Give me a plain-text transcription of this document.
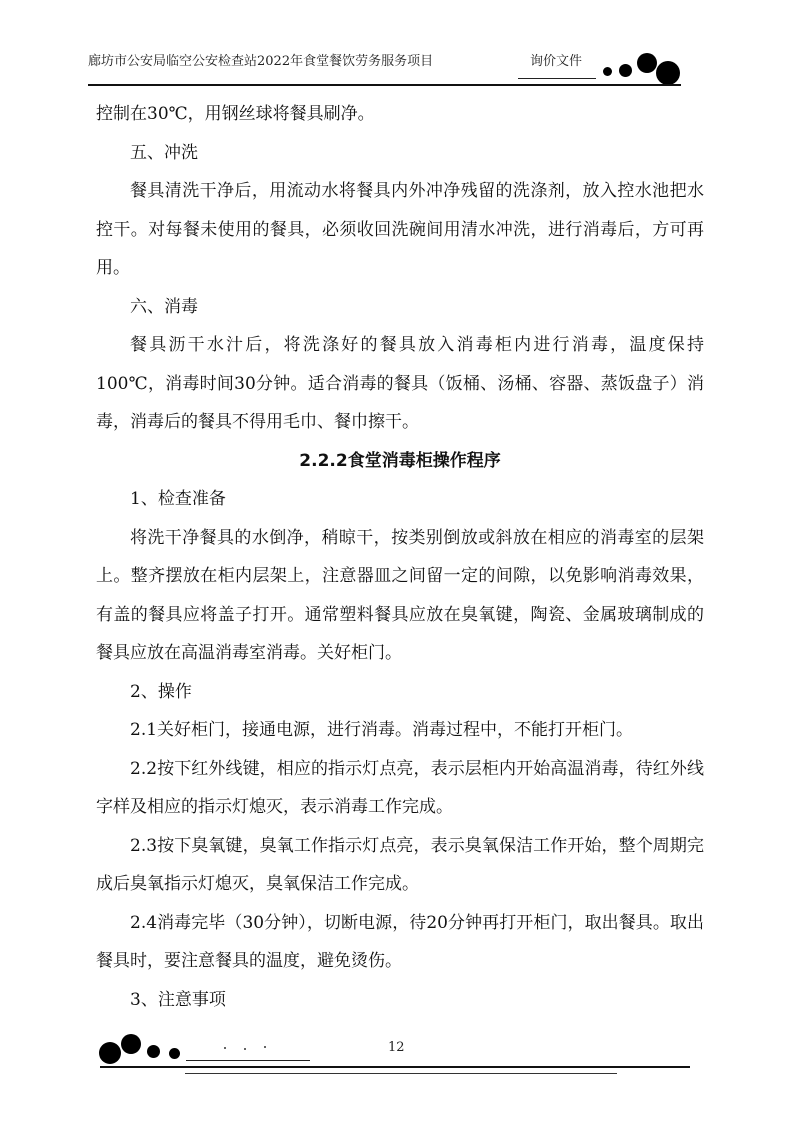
廊坊市公安局临空公安检查站2022年食堂餐饮劳务服务项目	询价文件

控制在30℃，用钢丝球将餐具刷净。

五、冲洗

餐具清洗干净后，用流动水将餐具内外冲净残留的洗涤剂，放入控水池把水控干。对每餐未使用的餐具，必须收回洗碗间用清水冲洗，进行消毒后，方可再用。

六、消毒

餐具沥干水汁后，将洗涤好的餐具放入消毒柜内进行消毒，温度保持100℃，消毒时间30分钟。适合消毒的餐具（饭桶、汤桶、容器、蒸饭盘子）消毒，消毒后的餐具不得用毛巾、餐巾擦干。

2.2.2食堂消毒柜操作程序

1、检查准备

将洗干净餐具的水倒净，稍晾干，按类别倒放或斜放在相应的消毒室的层架上。整齐摆放在柜内层架上，注意器皿之间留一定的间隙，以免影响消毒效果，有盖的餐具应将盖子打开。通常塑料餐具应放在臭氧键，陶瓷、金属玻璃制成的餐具应放在高温消毒室消毒。关好柜门。

2、操作

2.1关好柜门，接通电源，进行消毒。消毒过程中，不能打开柜门。

2.2按下红外线键，相应的指示灯点亮，表示层柜内开始高温消毒，待红外线字样及相应的指示灯熄灭，表示消毒工作完成。

2.3按下臭氧键，臭氧工作指示灯点亮，表示臭氧保洁工作开始，整个周期完成后臭氧指示灯熄灭，臭氧保洁工作完成。

2.4消毒完毕（30分钟），切断电源，待20分钟再打开柜门，取出餐具。取出餐具时，要注意餐具的温度，避免烫伤。

3、注意事项

12
